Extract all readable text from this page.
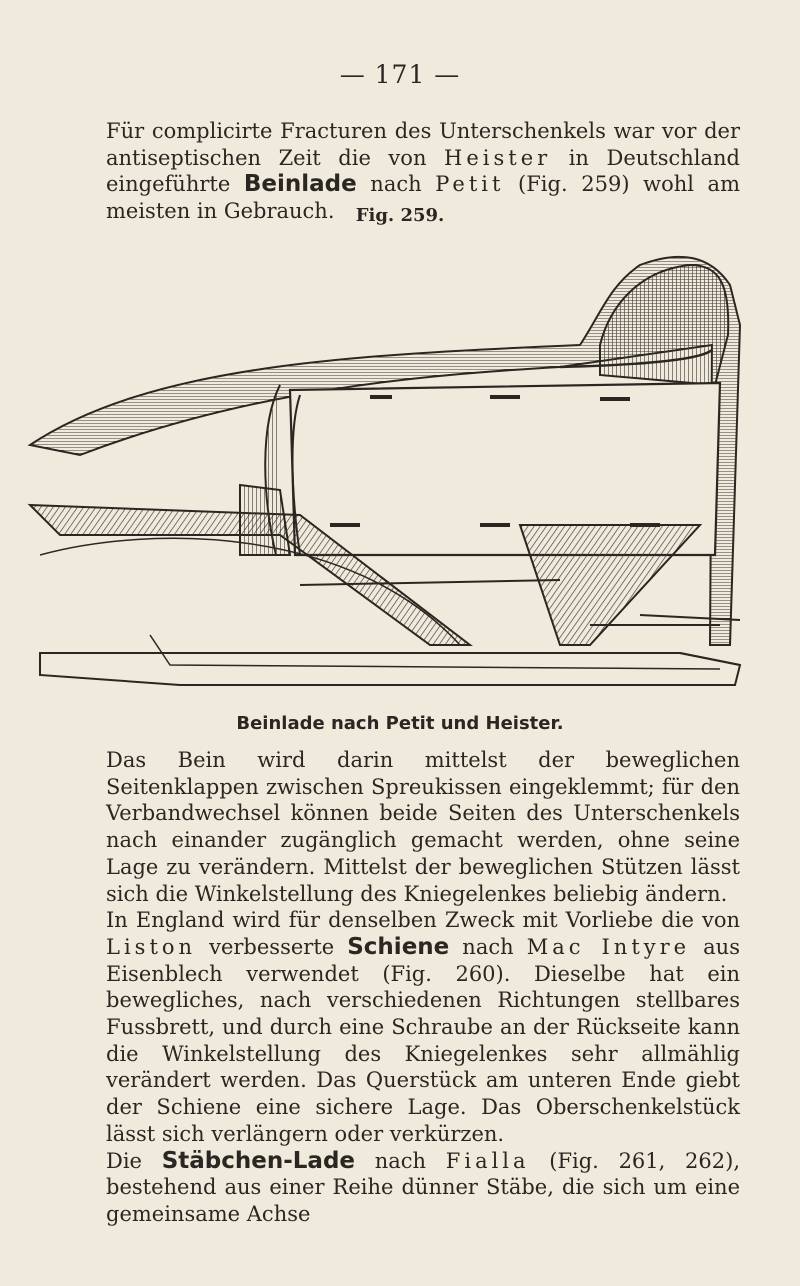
— 171 —
Für complicirte Fracturen des Unterschenkels war vor der antiseptischen Zeit die von Heister in Deutschland eingeführte Beinlade nach Petit (Fig. 259) wohl am meisten in Gebrauch.	Fig. 259.
Beinlade nach Petit und Heister.
Das Bein wird darin mittelst der beweglichen Seitenklappen zwischen Spreukissen eingeklemmt; für den Verbandwechsel können beide Seiten des Unterschenkels nach einander zugänglich gemacht werden, ohne seine Lage zu verändern. Mittelst der beweglichen Stützen lässt sich die Winkelstellung des Kniegelenkes beliebig ändern.
In England wird für denselben Zweck mit Vorliebe die von Liston verbesserte Schiene nach Mac Intyre aus Eisenblech verwendet (Fig. 260). Dieselbe hat ein bewegliches, nach verschiedenen Richtungen stellbares Fussbrett, und durch eine Schraube an der Rückseite kann die Winkelstellung des Kniegelenkes sehr allmählig verändert werden. Das Querstück am unteren Ende giebt der Schiene eine sichere Lage. Das Oberschenkelstück lässt sich verlängern oder verkürzen.
Die Stäbchen-Lade nach Fialla (Fig. 261, 262), bestehend aus einer Reihe dünner Stäbe, die sich um eine gemeinsame Achse
